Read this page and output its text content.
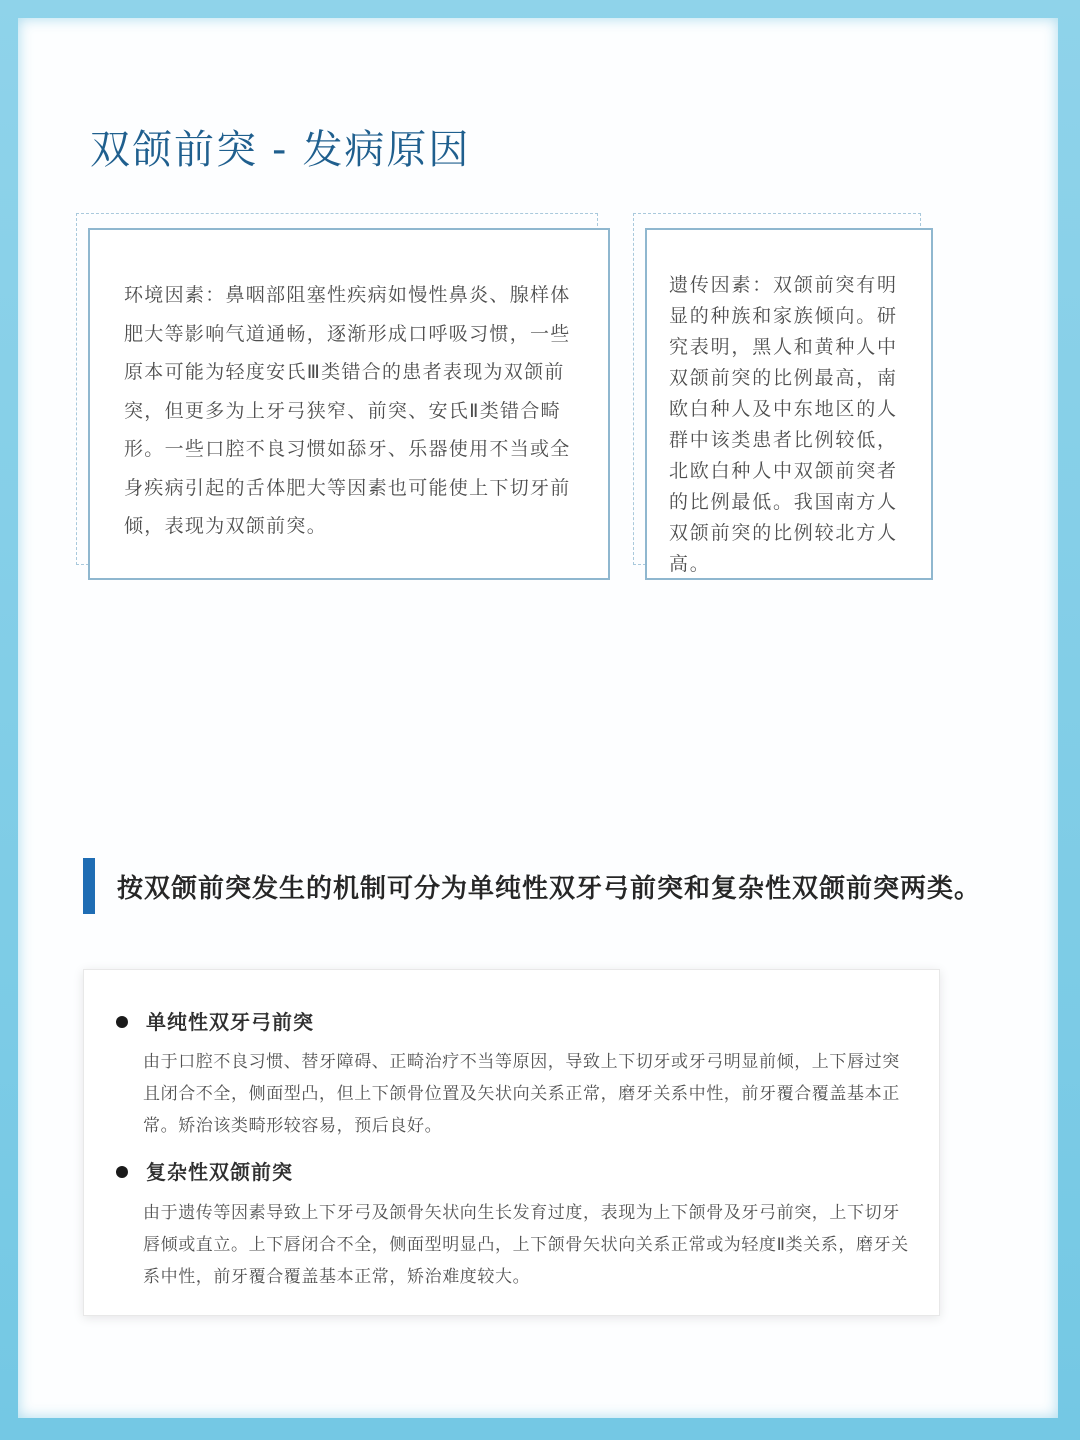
双颌前突 - 发病原因

环境因素：鼻咽部阻塞性疾病如慢性鼻炎、腺样体肥大等影响气道通畅，逐渐形成口呼吸习惯，一些原本可能为轻度安氏Ⅲ类错合的患者表现为双颌前突，但更多为上牙弓狭窄、前突、安氏Ⅱ类错合畸形。一些口腔不良习惯如舔牙、乐器使用不当或全身疾病引起的舌体肥大等因素也可能使上下切牙前倾，表现为双颌前突。

遗传因素：双颌前突有明显的种族和家族倾向。研究表明，黑人和黄种人中双颌前突的比例最高，南欧白种人及中东地区的人群中该类患者比例较低，北欧白种人中双颌前突者的比例最低。我国南方人双颌前突的比例较北方人高。

按双颌前突发生的机制可分为单纯性双牙弓前突和复杂性双颌前突两类。
单纯性双牙弓前突

由于口腔不良习惯、替牙障碍、正畸治疗不当等原因，导致上下切牙或牙弓明显前倾，上下唇过突且闭合不全，侧面型凸，但上下颌骨位置及矢状向关系正常，磨牙关系中性，前牙覆合覆盖基本正常。矫治该类畸形较容易，预后良好。

复杂性双颌前突

由于遗传等因素导致上下牙弓及颌骨矢状向生长发育过度，表现为上下颌骨及牙弓前突，上下切牙唇倾或直立。上下唇闭合不全，侧面型明显凸，上下颌骨矢状向关系正常或为轻度Ⅱ类关系，磨牙关系中性，前牙覆合覆盖基本正常，矫治难度较大。
